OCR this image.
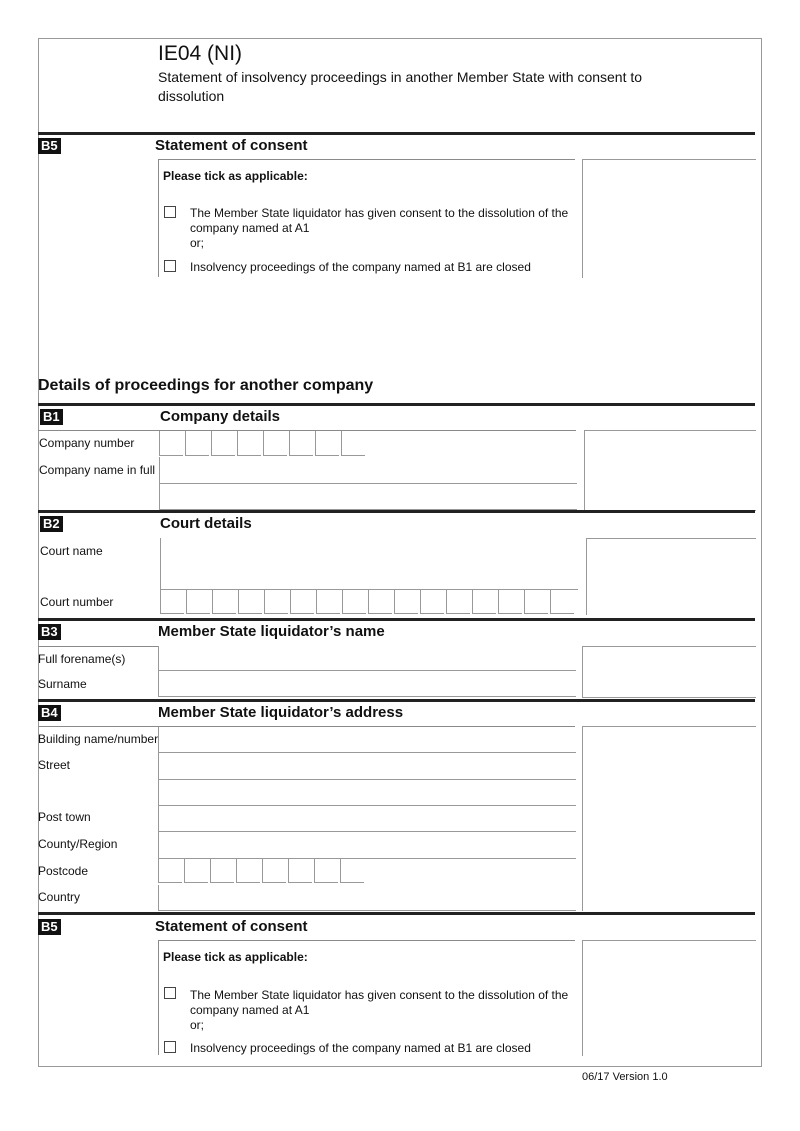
IE04 (NI)
Statement of insolvency proceedings in another Member State with consent to dissolution
B5	Statement of consent
Please tick as applicable:
The Member State liquidator has given consent to the dissolution of the
company named at A1
or;
Insolvency proceedings of the company named at B1 are closed
Details of proceedings for another company
B1	Company details
Company number
Company name in full
B2	Court details
Court name
Court number
B3	Member State liquidator’s name
Full forename(s)
Surname
B4	Member State liquidator’s address
Building name/number
Street
Post town
County/Region
Postcode
Country
B5	Statement of consent
Please tick as applicable:
The Member State liquidator has given consent to the dissolution of the
company named at A1
or;
Insolvency proceedings of the company named at B1 are closed
06/17 Version 1.0
